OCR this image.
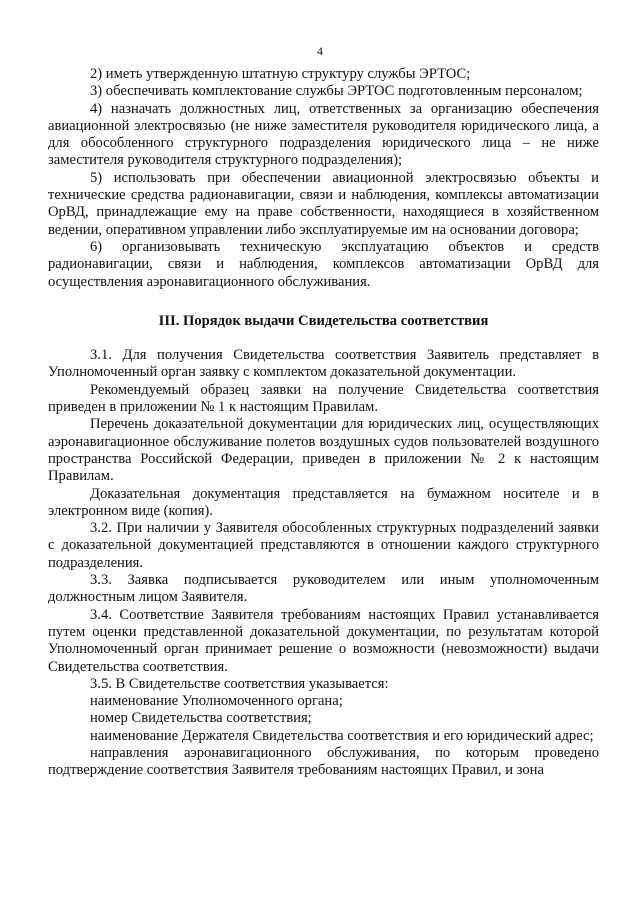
4

2) иметь утвержденную штатную структуру службы ЭРТОС;

3) обеспечивать комплектование службы ЭРТОС подготовленным персоналом;

4) назначать должностных лиц, ответственных за организацию обеспечения авиационной электросвязью (не ниже заместителя руководителя юридического лица, а для обособленного структурного подразделения юридического лица – не ниже заместителя руководителя структурного подразделения);

5) использовать при обеспечении авиационной электросвязью объекты и технические средства радионавигации, связи и наблюдения, комплексы автоматизации ОрВД, принадлежащие ему на праве собственности, находящиеся в хозяйственном ведении, оперативном управлении либо эксплуатируемые им на основании договора;

6) организовывать техническую эксплуатацию объектов и средств радионавигации, связи и наблюдения, комплексов автоматизации ОрВД для осуществления аэронавигационного обслуживания.

III. Порядок выдачи Свидетельства соответствия

3.1. Для получения Свидетельства соответствия Заявитель представляет в Уполномоченный орган заявку с комплектом доказательной документации.

Рекомендуемый образец заявки на получение Свидетельства соответствия приведен в приложении № 1 к настоящим Правилам.

Перечень доказательной документации для юридических лиц, осуществляющих аэронавигационное обслуживание полетов воздушных судов пользователей воздушного пространства Российской Федерации, приведен в приложении № 2 к настоящим Правилам.

Доказательная документация представляется на бумажном носителе и в электронном виде (копия).

3.2. При наличии у Заявителя обособленных структурных подразделений заявки с доказательной документацией представляются в отношении каждого структурного подразделения.

3.3. Заявка подписывается руководителем или иным уполномоченным должностным лицом Заявителя.

3.4. Соответствие Заявителя требованиям настоящих Правил устанавливается путем оценки представленной доказательной документации, по результатам которой Уполномоченный орган принимает решение о возможности (невозможности) выдачи Свидетельства соответствия.

3.5. В Свидетельстве соответствия указывается:

наименование Уполномоченного органа;

номер Свидетельства соответствия;

наименование Держателя Свидетельства соответствия и его юридический адрес;

направления аэронавигационного обслуживания, по которым проведено подтверждение соответствия Заявителя требованиям настоящих Правил, и зона
